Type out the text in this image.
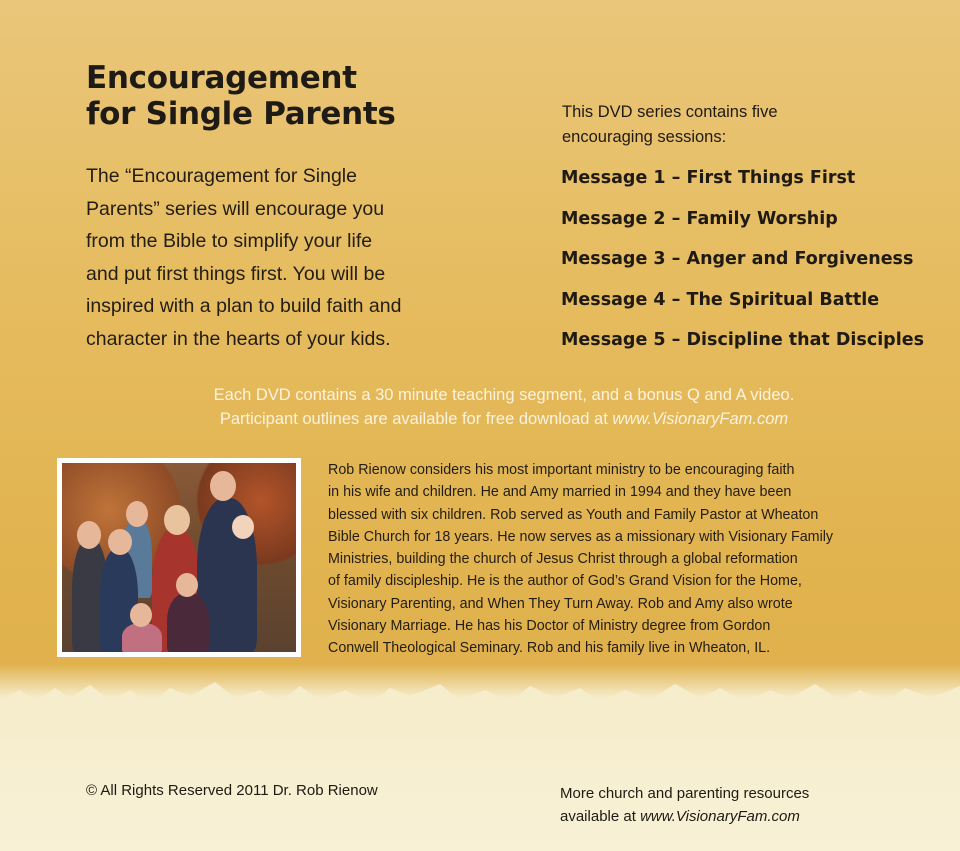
Encouragement
for Single Parents
The “Encouragement for Single
Parents” series will encourage you
from the Bible to simplify your life
and put first things first. You will be
inspired with a plan to build faith and
character in the hearts of your kids.
This DVD series contains five
encouraging sessions:
Message 1 – First Things First
Message 2 – Family Worship
Message 3 – Anger and Forgiveness
Message 4 – The Spiritual Battle
Message 5 – Discipline that Disciples
Each DVD contains a 30 minute teaching segment, and a bonus Q and A video.
Participant outlines are available for free download at www.VisionaryFam.com
Rob Rienow considers his most important ministry to be encouraging faith
in his wife and children. He and Amy married in 1994 and they have been
blessed with six children. Rob served as Youth and Family Pastor at Wheaton
Bible Church for 18 years. He now serves as a missionary with Visionary Family
Ministries, building the church of Jesus Christ through a global reformation
of family discipleship. He is the author of God’s Grand Vision for the Home,
Visionary Parenting, and When They Turn Away. Rob and Amy also wrote
Visionary Marriage. He has his Doctor of Ministry degree from Gordon
Conwell Theological Seminary. Rob and his family live in Wheaton, IL.
© All Rights Reserved 2011 Dr. Rob Rienow	More church and parenting resources
available at www.VisionaryFam.com
